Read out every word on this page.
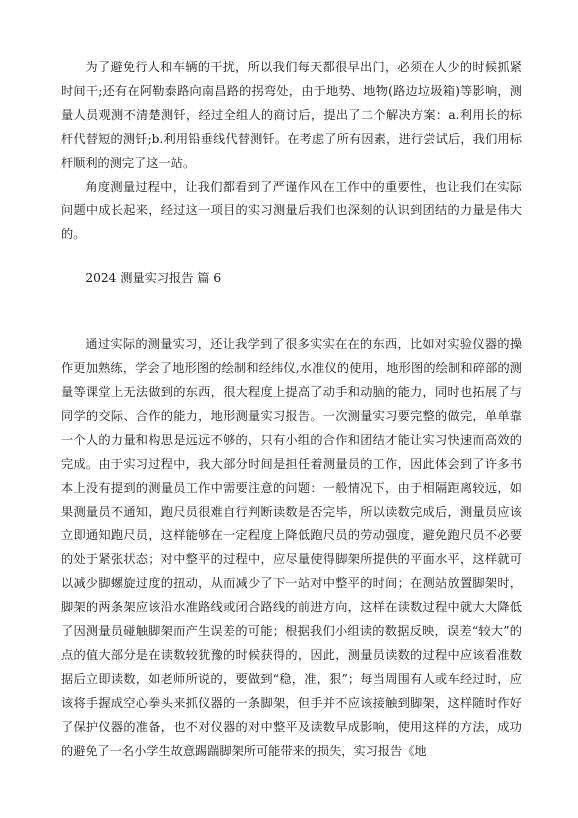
为了避免行人和车辆的干扰，所以我们每天都很早出门，必须在人少的时候抓紧时间干;还有在阿勒泰路向南昌路的拐弯处，由于地势、地物(路边垃圾箱)等影响，测量人员观测不清楚测钎，经过全组人的商讨后，提出了二个解决方案：a.利用长的标杆代替短的测钎;b.利用铅垂线代替测钎。在考虑了所有因素，进行尝试后，我们用标杆顺利的测完了这一站。

角度测量过程中，让我们都看到了严谨作风在工作中的重要性，也让我们在实际问题中成长起来，经过这一项目的实习测量后我们也深刻的认识到团结的力量是伟大的。

2024 测量实习报告 篇 6

通过实际的测量实习，还让我学到了很多实实在在的东西，比如对实验仪器的操作更加熟练，学会了地形图的绘制和经纬仪,水准仪的使用，地形图的绘制和碎部的测量等课堂上无法做到的东西，很大程度上提高了动手和动脑的能力，同时也拓展了与同学的交际、合作的能力，地形测量实习报告。一次测量实习要完整的做完，单单靠一个人的力量和构思是远远不够的，只有小组的合作和团结才能让实习快速而高效的完成。由于实习过程中，我大部分时间是担任着测量员的工作，因此体会到了许多书本上没有提到的测量员工作中需要注意的问题：一般情况下，由于相隔距离较远，如果测量员不通知，跑尺员很难自行判断读数是否完毕，所以读数完成后，测量员应该立即通知跑尺员，这样能够在一定程度上降低跑尺员的劳动强度，避免跑尺员不必要的处于紧张状态；对中整平的过程中，应尽量使得脚架所提供的平面水平，这样就可以减少脚螺旋过度的扭动，从而减少了下一站对中整平的时间；在测站放置脚架时，脚架的两条架应该沿水准路线或闭合路线的前进方向，这样在读数过程中就大大降低了因测量员碰触脚架而产生误差的可能；根据我们小组读的数据反映，误差“较大”的点的值大部分是在读数较犹豫的时候获得的，因此，测量员读数的过程中应该看准数据后立即读数，如老师所说的，要做到“稳，准，狠”；每当周围有人或车经过时，应该将手握成空心拳头来抓仪器的一条脚架，但手并不应该接触到脚架，这样随时作好了保护仪器的准备，也不对仪器的对中整平及读数早成影响，使用这样的方法，成功的避免了一名小学生故意踢踹脚架所可能带来的损失，实习报告《地
